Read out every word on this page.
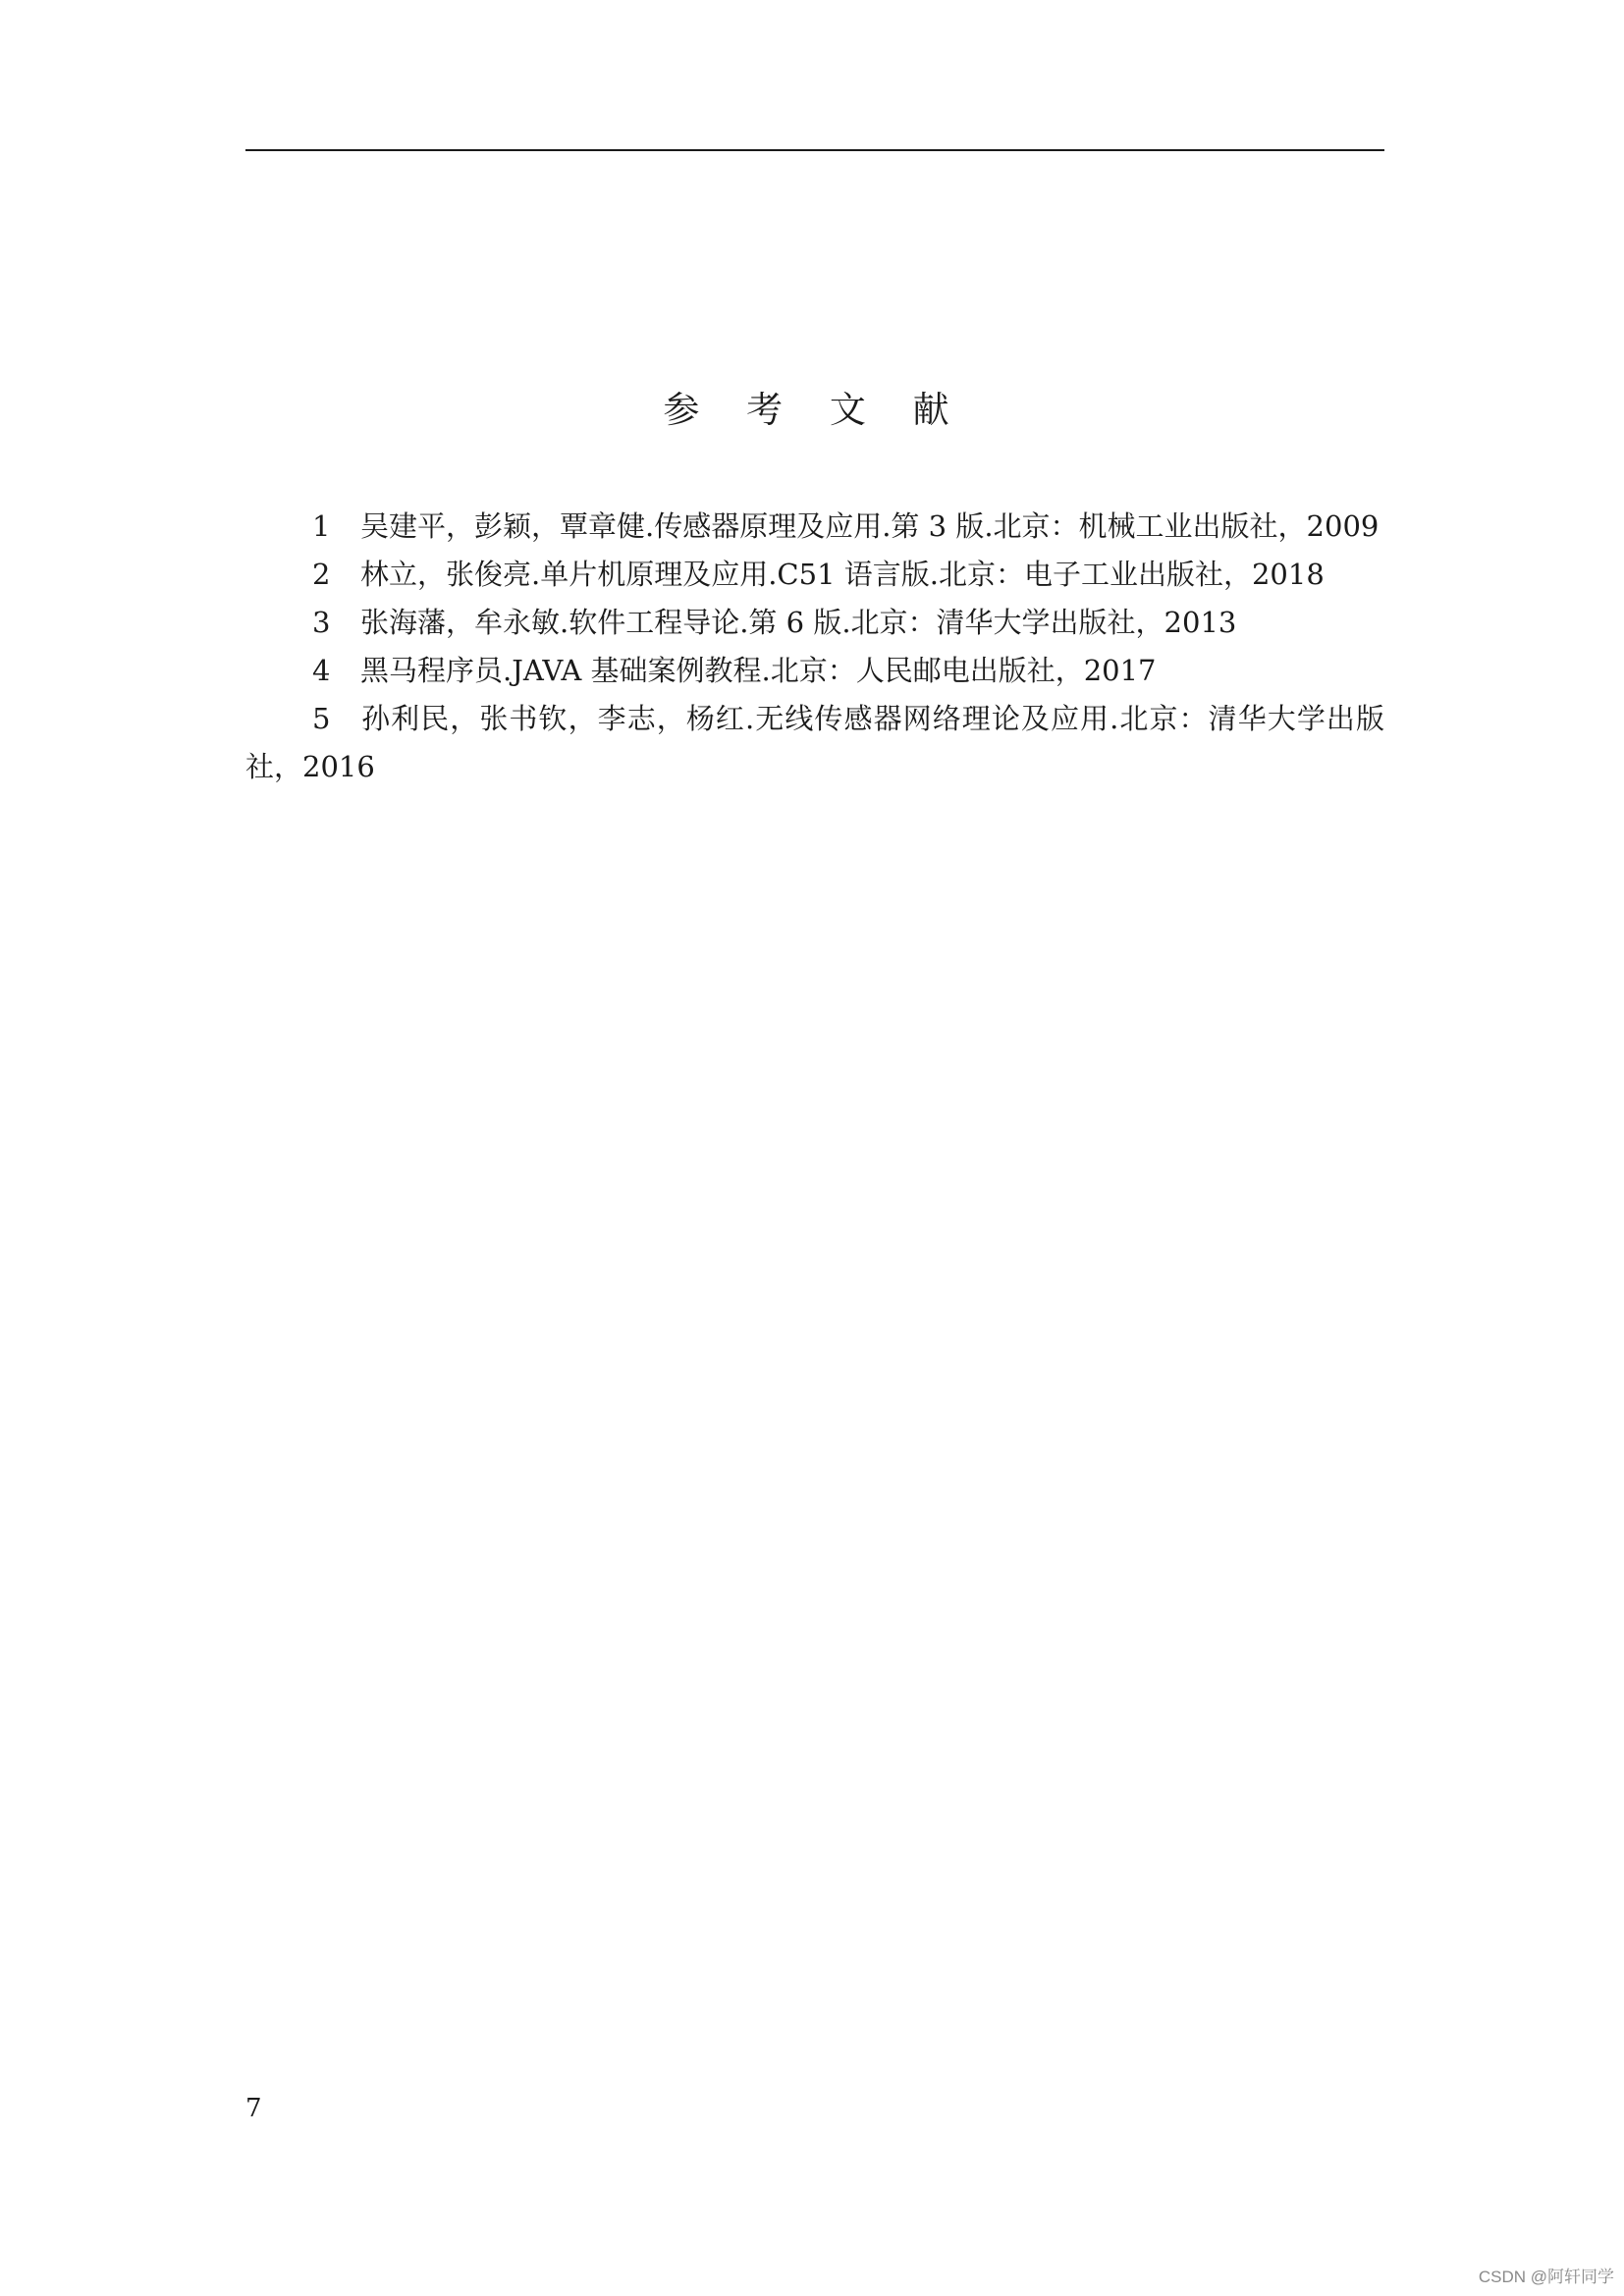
参 考 文 献
1 吴建平，彭颖，覃章健.传感器原理及应用.第 3 版.北京：机械工业出版社，2009
2 林立，张俊亮.单片机原理及应用.C51 语言版.北京：电子工业出版社，2018
3 张海藩，牟永敏.软件工程导论.第 6 版.北京：清华大学出版社，2013
4 黑马程序员.JAVA 基础案例教程.北京：人民邮电出版社，2017
5 孙利民，张书钦，李志，杨红.无线传感器网络理论及应用.北京：清华大学出版社，2016
7
CSDN @阿轩同学
